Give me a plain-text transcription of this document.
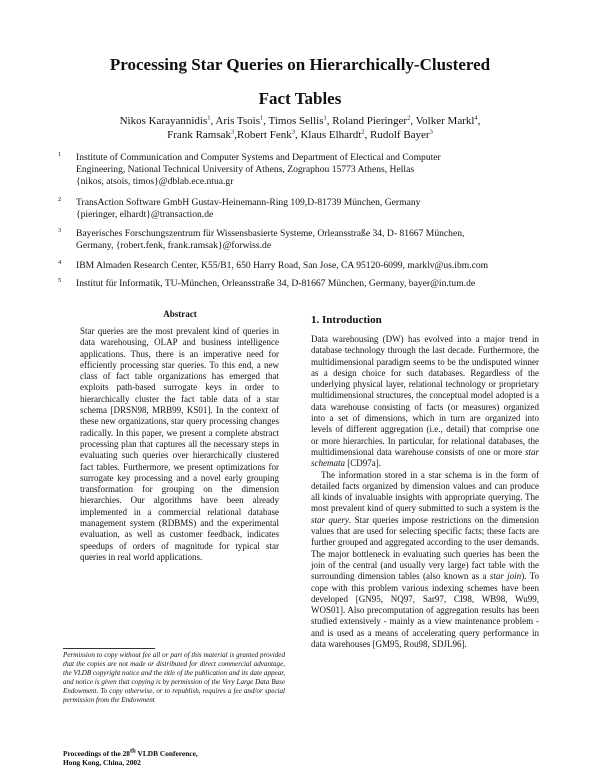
Processing Star Queries on Hierarchically-Clustered
Fact Tables
Nikos Karayannidis$^1$, Aris Tsois$^1$, Timos Sellis$^1$, Roland Pieringer$^2$, Volker Markl$^4$,
Frank Ramsak$^3$,Robert Fenk$^3$, Klaus Elhardt$^2$, Rudolf Bayer$^3$
1 Institute of Communication and Computer Systems and Department of Electical and Computer
Engineering, National Technical University of Athens, Zographou 15773 Athens, Hellas
{nikos, atsois, timos}@dblab.ece.ntua.gr
2 TransAction Software GmbH Gustav-Heinemann-Ring 109,D-81739 München, Germany
{pieringer, elhardt}@transaction.de
3 Bayerisches Forschungszentrum für Wissensbasierte Systeme, Orleansstraße 34, D- 81667 München,
Germany, {robert.fenk, frank.ramsak}@forwiss.de
4 IBM Almaden Research Center, K55/B1, 650 Harry Road, San Jose, CA 95120-6099, marklv@us.ibm.com
5 Institut für Informatik, TU-München, Orleansstraße 34, D-81667 München, Germany, bayer@in.tum.de
Abstract
Star queries are the most prevalent kind of queries in data warehousing, OLAP and business intelligence applications. Thus, there is an imperative need for efficiently processing star queries. To this end, a new class of fact table organizations has emerged that exploits path-based surrogate keys in order to hierarchically cluster the fact table data of a star schema [DRSN98, MRB99, KS01]. In the context of these new organizations, star query processing changes radically. In this paper, we present a complete abstract processing plan that captures all the necessary steps in evaluating such queries over hierarchically clustered fact tables. Furthermore, we present optimizations for surrogate key processing and a novel early grouping transformation for grouping on the dimension hierarchies. Our algorithms have been already implemented in a commercial relational database management system (RDBMS) and the experimental evaluation, as well as customer feedback, indicates speedups of orders of magnitude for typical star queries in real world applications.
1. Introduction

Data warehousing (DW) has evolved into a major trend in database technology through the last decade. Furthermore, the multidimensional paradigm seems to be the undisputed winner as a design choice for such databases. Regardless of the underlying physical layer, relational technology or proprietary multidimensional structures, the conceptual model adopted is a data warehouse consisting of facts (or measures) organized into a set of dimensions, which in turn are organized into levels of different aggregation (i.e., detail) that comprise one or more hierarchies. In particular, for relational databases, the multidimensional data warehouse consists of one or more star schemata [CD97a].

The information stored in a star schema is in the form of detailed facts organized by dimension values and can produce all kinds of invaluable insights with appropriate querying. The most prevalent kind of query submitted to such a system is the star query. Star queries impose restrictions on the dimension values that are used for selecting specific facts; these facts are further grouped and aggregated according to the user demands. The major bottleneck in evaluating such queries has been the join of the central (and usually very large) fact table with the surrounding dimension tables (also known as a star join). To cope with this problem various indexing schemes have been developed [GN95, NQ97, Sar97, CI98, WB98, Wu99, WOS01]. Also precomputation of aggregation results has been studied extensively - mainly as a view maintenance problem - and is used as a means of accelerating query performance in data warehouses [GM95, Rou98, SDJL96].

Permission to copy without fee all or part of this material is granted provided that the copies are not made or distributed for direct commercial advantage, the VLDB copyright notice and the title of the publication and its date appear, and notice is given that copying is by permission of the Very Large Data Base Endowment. To copy otherwise, or to republish, requires a fee and/or special permission from the Endowment
Proceedings of the 28th VLDB Conference,
Hong Kong, China, 2002
